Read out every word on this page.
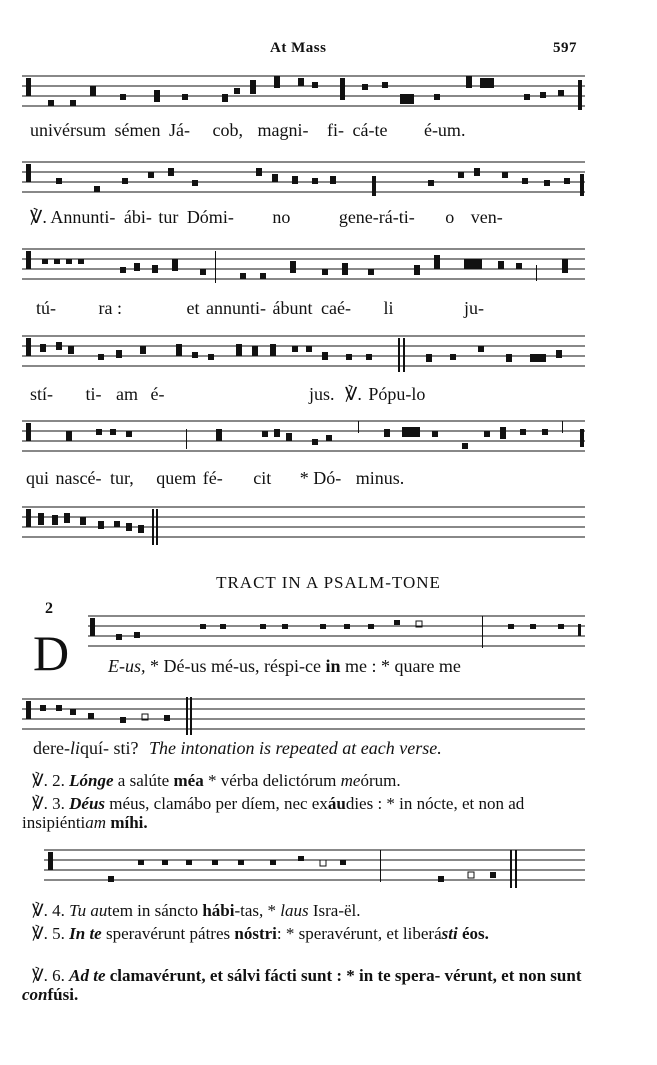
At Mass	597
univérsum sémen Já- cob, magni- fi- cá-te é-um.
℣. Annunti- ábi- tur Dómi- no	gene-rá-ti- o ven-
tú- ra :	et annunti- ábunt caé- li	ju-
stí- ti- am é-	jus. ℣. Pópu-lo
qui nascé- tur, quem fé- cit * Dó- minus.
TRACT IN A PSALM-TONE
2
D E-us, * Dé-us mé-us, réspi-ce in me : * quare me
dere-liquí- sti? The intonation is repeated at each verse.
℣. 2. Lónge a salúte méa * vérba delictórum meórum.
℣. 3. Déus méus, clamábo per díem, nec exáudies : * in nócte, et non ad insipiéntiam míhi.
℣. 4. Tu autem in sáncto hábi-tas, * laus Isra-ël.
℣. 5. In te speravérunt pátres nóstri: * speravérunt, et liberásti éos.
℣. 6. Ad te clamavérunt, et sálvi fácti sunt : * in te spera- vérunt, et non sunt confúsi.
